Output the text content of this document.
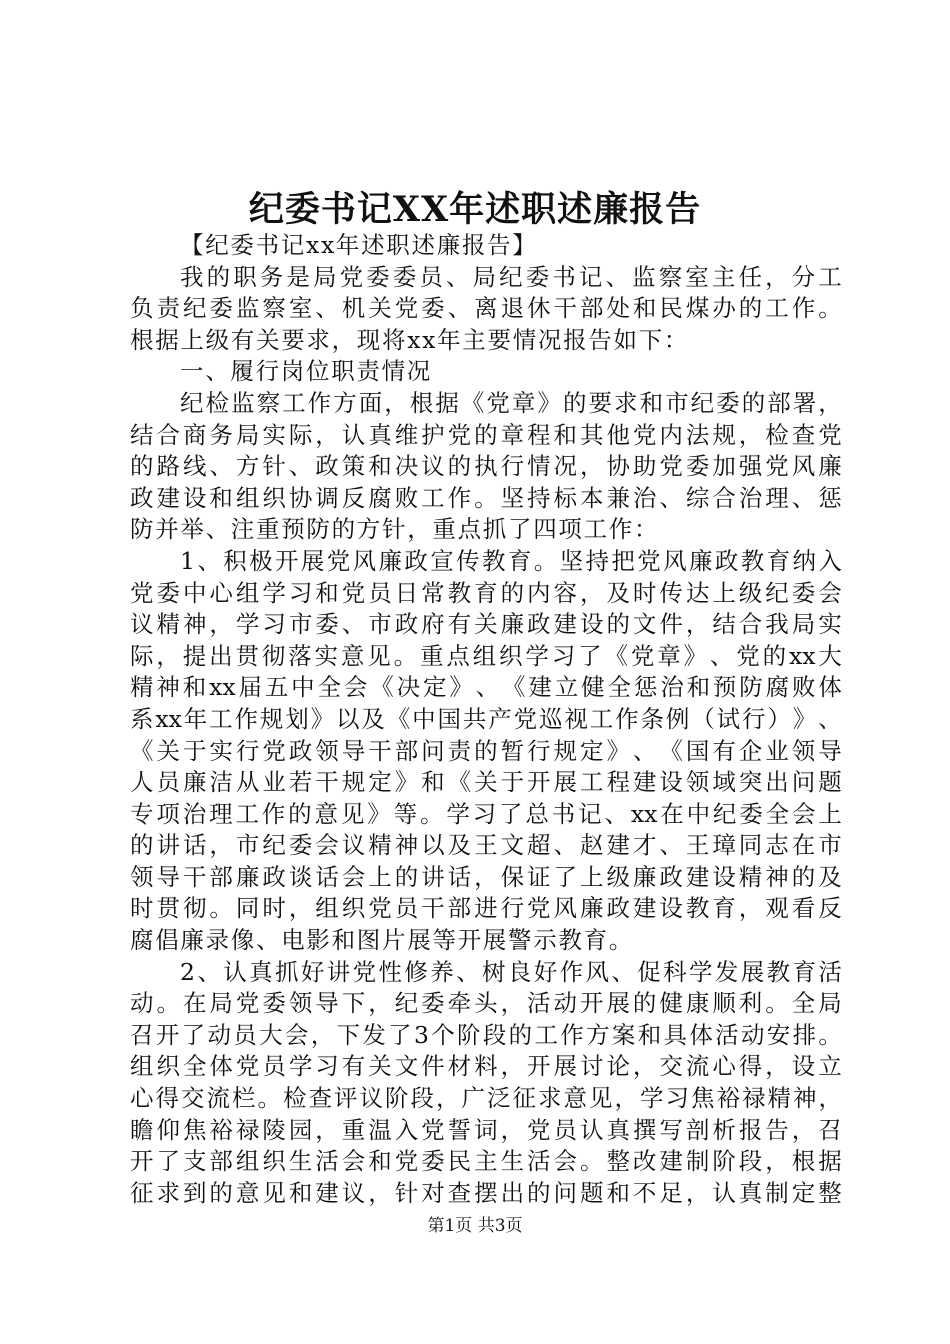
纪委书记XX年述职述廉报告
【纪委书记xx年述职述廉报告】
我 的 职 务 是 局 党 委 委 员 、 局 纪 委 书 记 、 监 察 室 主 任 ， 分 工
负 责 纪 委 监 察 室 、 机 关 党 委 、 离 退 休 干 部 处 和 民 煤 办 的 工 作 。
根据上级有关要求，现将xx年主要情况报告如下：
一、履行岗位职责情况
纪 检 监 察 工 作 方 面 ， 根 据 《 党 章 》 的 要 求 和 市 纪 委 的 部 署 ，
结 合 商 务 局 实 际 ， 认 真 维 护 党 的 章 程 和 其 他 党 内 法 规 ， 检 查 党
的 路 线 、 方 针 、 政 策 和 决 议 的 执 行 情 况 ， 协 助 党 委 加 强 党 风 廉
政 建 设 和 组 织 协 调 反 腐 败 工 作 。 坚 持 标 本 兼 治 、 综 合 治 理 、 惩
防并举、注重预防的方针，重点抓了四项工作：
1 、 积 极 开 展 党 风 廉 政 宣 传 教 育 。 坚 持 把 党 风 廉 政 教 育 纳 入
党 委 中 心 组 学 习 和 党 员 日 常 教 育 的 内 容 ， 及 时 传 达 上 级 纪 委 会
议 精 神 ， 学 习 市 委 、 市 政 府 有 关 廉 政 建 设 的 文 件 ， 结 合 我 局 实
际 ， 提 出 贯 彻 落 实 意 见 。 重 点 组 织 学 习 了 《 党 章 》 、 党 的 xx 大
精 神 和 xx 届 五 中 全 会 《 决 定 》 、 《 建 立 健 全 惩 治 和 预 防 腐 败 体
系 xx 年 工 作 规 划 》 以 及 《 中 国 共 产 党 巡 视 工 作 条 例 （ 试 行 ） 》 、
《 关 于 实 行 党 政 领 导 干 部 问 责 的 暂 行 规 定 》 、 《 国 有 企 业 领 导
人 员 廉 洁 从 业 若 干 规 定 》 和 《 关 于 开 展 工 程 建 设 领 域 突 出 问 题
专 项 治 理 工 作 的 意 见 》 等 。 学 习 了 总 书 记 、 xx 在 中 纪 委 全 会 上
的 讲 话 ， 市 纪 委 会 议 精 神 以 及 王 文 超 、 赵 建 才 、 王 璋 同 志 在 市
领 导 干 部 廉 政 谈 话 会 上 的 讲 话 ， 保 证 了 上 级 廉 政 建 设 精 神 的 及
时 贯 彻 。 同 时 ， 组 织 党 员 干 部 进 行 党 风 廉 政 建 设 教 育 ， 观 看 反
腐倡廉录像、电影和图片展等开展警示教育。
2 、 认 真 抓 好 讲 党 性 修 养 、 树 良 好 作 风 、 促 科 学 发 展 教 育 活
动 。 在 局 党 委 领 导 下 ， 纪 委 牵 头 ， 活 动 开 展 的 健 康 顺 利 。 全 局
召 开 了 动 员 大 会 ， 下 发 了 3 个 阶 段 的 工 作 方 案 和 具 体 活 动 安 排 。
组 织 全 体 党 员 学 习 有 关 文 件 材 料 ， 开 展 讨 论 ， 交 流 心 得 ， 设 立
心 得 交 流 栏 。 检 查 评 议 阶 段 ， 广 泛 征 求 意 见 ， 学 习 焦 裕 禄 精 神 ，
瞻 仰 焦 裕 禄 陵 园 ， 重 温 入 党 誓 词 ， 党 员 认 真 撰 写 剖 析 报 告 ， 召
开 了 支 部 组 织 生 活 会 和 党 委 民 主 生 活 会 。 整 改 建 制 阶 段 ， 根 据
征 求 到 的 意 见 和 建 议 ， 针 对 查 摆 出 的 问 题 和 不 足 ， 认 真 制 定 整
第1页 共3页
